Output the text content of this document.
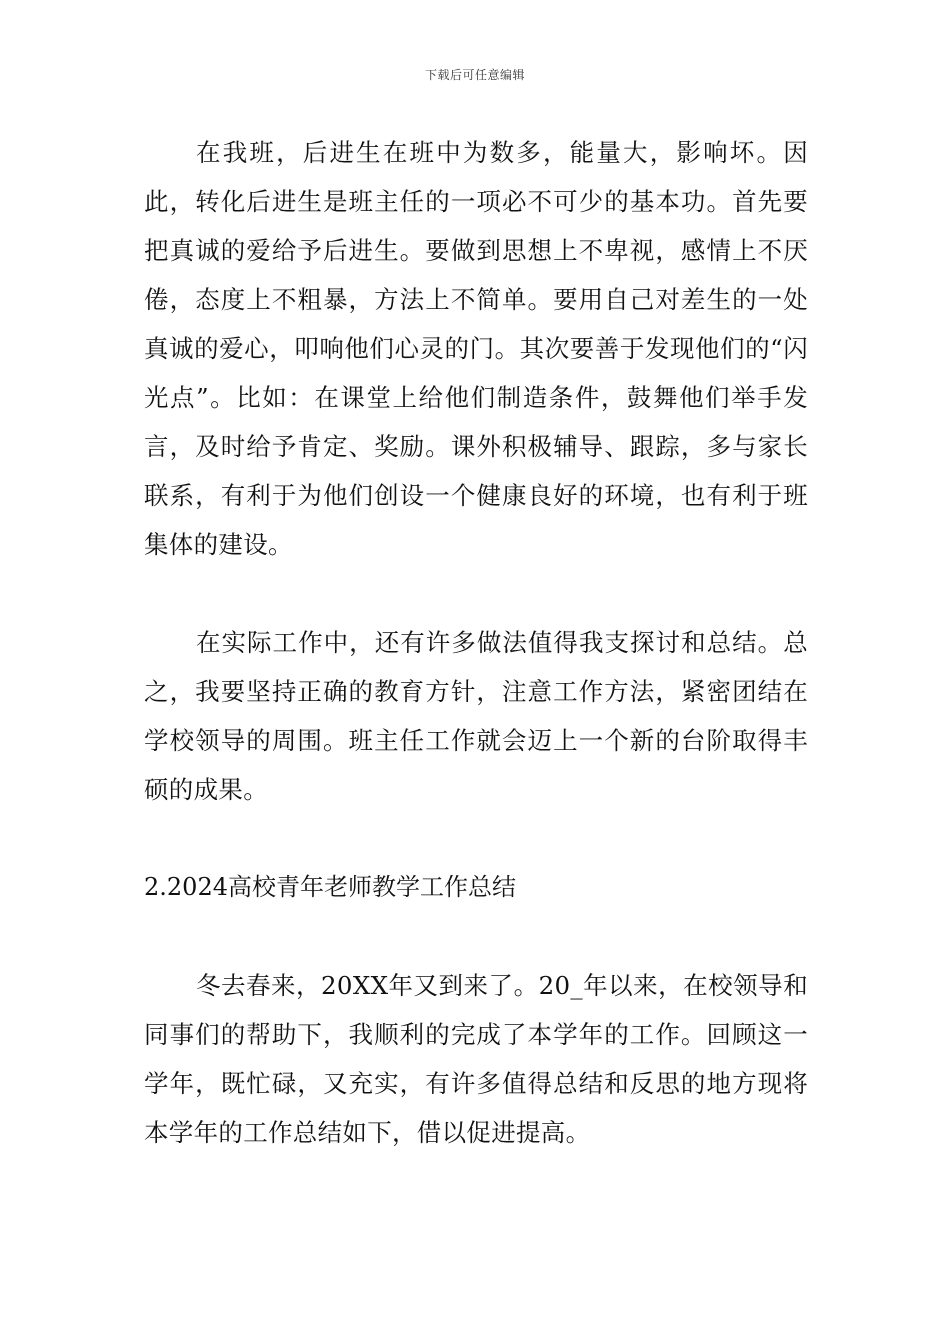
下载后可任意编辑

在我班，后进生在班中为数多，能量大，影响坏。因此，转化后进生是班主任的一项必不可少的基本功。首先要把真诚的爱给予后进生。要做到思想上不卑视，感情上不厌倦，态度上不粗暴，方法上不简单。要用自己对差生的一处真诚的爱心，叩响他们心灵的门。其次要善于发现他们的“闪光点”。比如：在课堂上给他们制造条件，鼓舞他们举手发言，及时给予肯定、奖励。课外积极辅导、跟踪，多与家长联系，有利于为他们创设一个健康良好的环境，也有利于班集体的建设。

在实际工作中，还有许多做法值得我支探讨和总结。总之，我要坚持正确的教育方针，注意工作方法，紧密团结在学校领导的周围。班主任工作就会迈上一个新的台阶取得丰硕的成果。

2.2024高校青年老师教学工作总结

冬去春来，20XX年又到来了。20_年以来，在校领导和同事们的帮助下，我顺利的完成了本学年的工作。回顾这一学年，既忙碌，又充实，有许多值得总结和反思的地方现将本学年的工作总结如下，借以促进提高。
